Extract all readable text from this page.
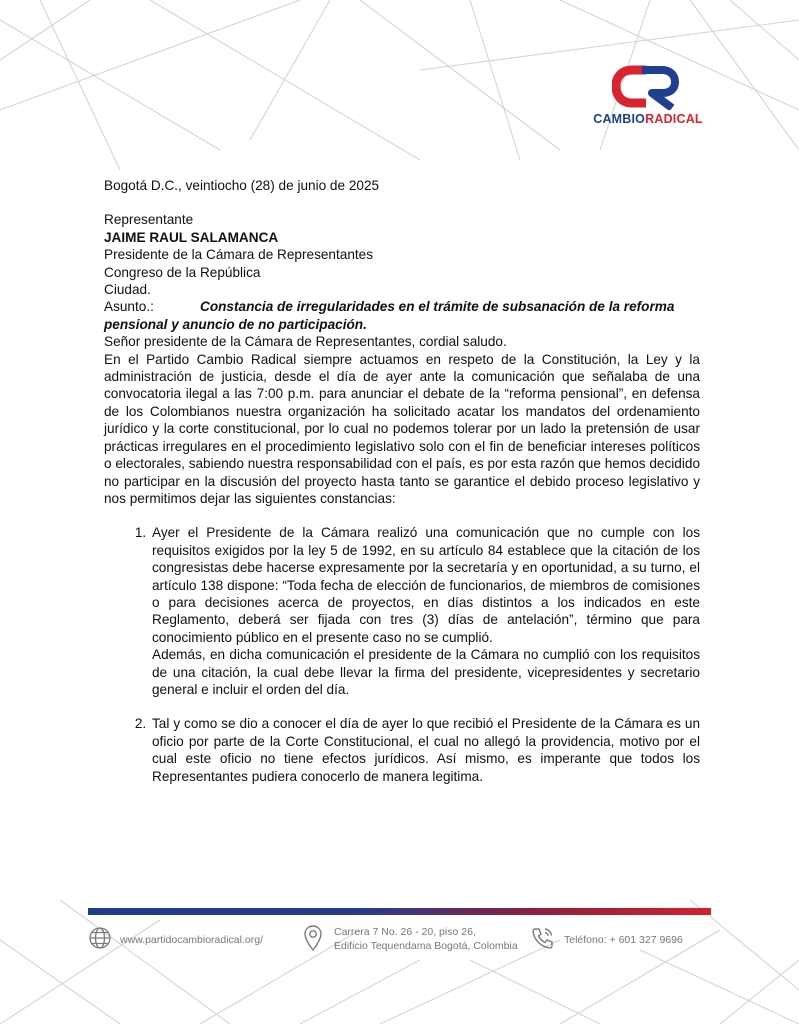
CAMBIORADICAL

Bogotá D.C., veintiocho (28) de junio de 2025

Representante

JAIME RAUL SALAMANCA

Presidente de la Cámara de Representantes

Congreso de la República

Ciudad.

Asunto.:	Constancia de irregularidades en el trámite de subsanación de la reforma pensional y anuncio de no participación.

Señor presidente de la Cámara de Representantes, cordial saludo.

En el Partido Cambio Radical siempre actuamos en respeto de la Constitución, la Ley y la administración de justicia, desde el día de ayer ante la comunicación que señalaba de una convocatoria ilegal a las 7:00 p.m. para anunciar el debate de la “reforma pensional”, en defensa de los Colombianos nuestra organización ha solicitado acatar los mandatos del ordenamiento jurídico y la corte constitucional, por lo cual no podemos tolerar por un lado la pretensión de usar prácticas irregulares en el procedimiento legislativo solo con el fin de beneficiar intereses políticos o electorales, sabiendo nuestra responsabilidad con el país, es por esta razón que hemos decidido no participar en la discusión del proyecto hasta tanto se garantice el debido proceso legislativo y nos permitimos dejar las siguientes constancias:

1. Ayer el Presidente de la Cámara realizó una comunicación que no cumple con los requisitos exigidos por la ley 5 de 1992, en su artículo 84 establece que la citación de los congresistas debe hacerse expresamente por la secretaría y en oportunidad, a su turno, el artículo 138 dispone: “Toda fecha de elección de funcionarios, de miembros de comisiones o para decisiones acerca de proyectos, en días distintos a los indicados en este Reglamento, deberá ser fijada con tres (3) días de antelación”, término que para conocimiento público en el presente caso no se cumplió.

Además, en dicha comunicación el presidente de la Cámara no cumplió con los requisitos de una citación, la cual debe llevar la firma del presidente, vicepresidentes y secretario general e incluir el orden del día.

2. Tal y como se dio a conocer el día de ayer lo que recibió el Presidente de la Cámara es un oficio por parte de la Corte Constitucional, el cual no allegó la providencia, motivo por el cual este oficio no tiene efectos jurídicos. Así mismo, es imperante que todos los Representantes pudiera conocerlo de manera legitima.

www.partidocambioradical.org/
Carrera 7 No. 26 - 20, piso 26,
Edificio Tequendama Bogotá, Colombia
Teléfono: + 601 327 9696
